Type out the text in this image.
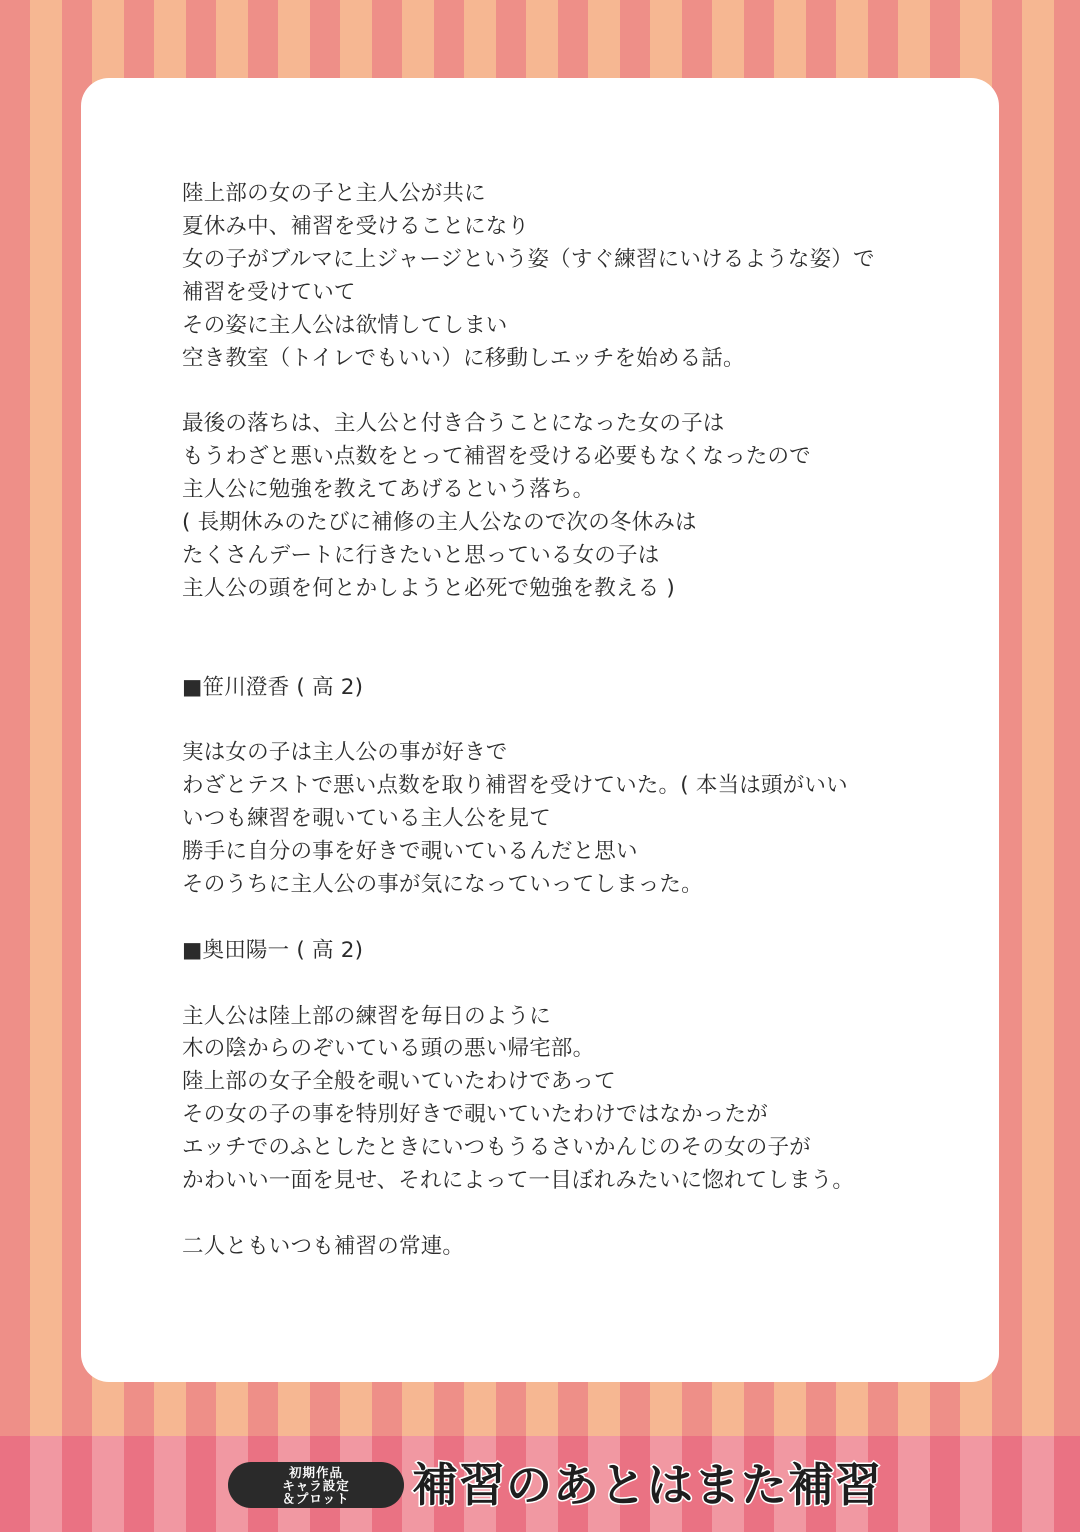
陸上部の女の子と主人公が共に
夏休み中、補習を受けることになり
女の子がブルマに上ジャージという姿（すぐ練習にいけるような姿）で
補習を受けていて
その姿に主人公は欲情してしまい
空き教室（トイレでもいい）に移動しエッチを始める話。
最後の落ちは、主人公と付き合うことになった女の子は
もうわざと悪い点数をとって補習を受ける必要もなくなったので
主人公に勉強を教えてあげるという落ち。
( 長期休みのたびに補修の主人公なので次の冬休みは
たくさんデートに行きたいと思っている女の子は
主人公の頭を何とかしようと必死で勉強を教える )
■笹川澄香 ( 高 2)
実は女の子は主人公の事が好きで
わざとテストで悪い点数を取り補習を受けていた。( 本当は頭がいい
いつも練習を覗いている主人公を見て
勝手に自分の事を好きで覗いているんだと思い
そのうちに主人公の事が気になっていってしまった。
■奥田陽一 ( 高 2)
主人公は陸上部の練習を毎日のように
木の陰からのぞいている頭の悪い帰宅部。
陸上部の女子全般を覗いていたわけであって
その女の子の事を特別好きで覗いていたわけではなかったが
エッチでのふとしたときにいつもうるさいかんじのその女の子が
かわいい一面を見せ、それによって一目ぼれみたいに惚れてしまう。
二人ともいつも補習の常連。
初期作品
キャラ設定
＆プロット 補習のあとはまた補習
